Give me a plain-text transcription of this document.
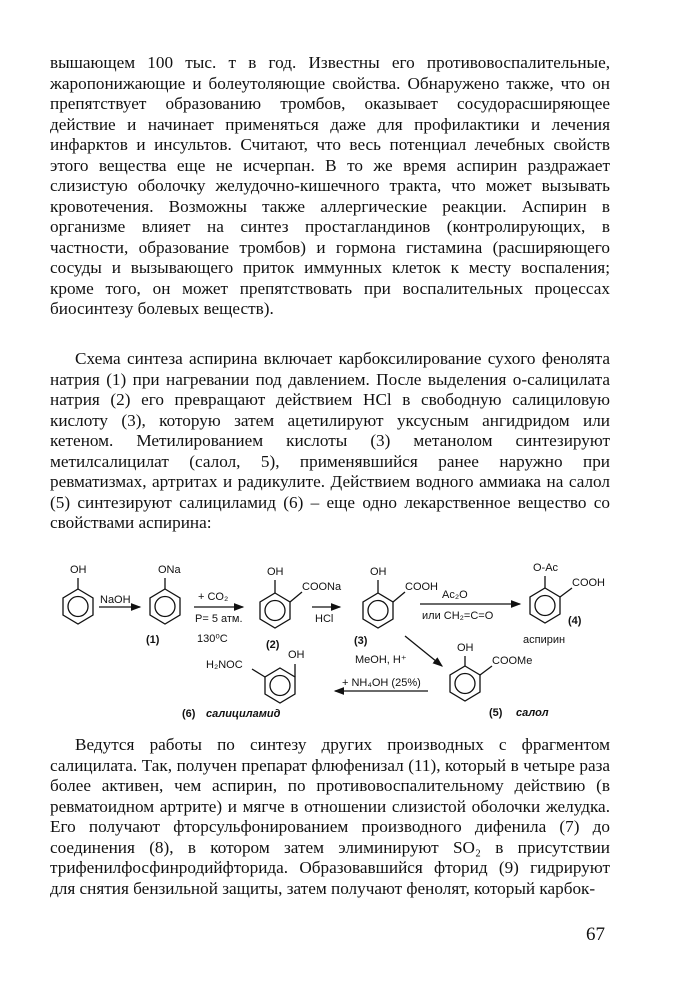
вышающем 100 тыс. т в год. Известны его противовоспалительные, жаропонижающие и болеутоляющие свойства. Обнаружено также, что он препятствует образованию тромбов, оказывает сосудорасширяющее действие и начинает применяться даже для профилактики и лечения инфарктов и инсультов. Считают, что весь потенциал лечебных свойств этого вещества еще не исчерпан. В то же время аспирин раздражает слизистую оболочку желудочно-кишечного тракта, что может вызывать кровотечения. Возможны также аллергические реакции. Аспирин в организме влияет на синтез простагландинов (контролирующих, в частности, образование тромбов) и гормона гистамина (расширяющего сосуды и вызывающего приток иммунных клеток к месту воспаления; кроме того, он может препятствовать при воспалительных процессах биосинтезу болевых веществ).

Схема синтеза аспирина включает карбоксилирование сухого фенолята натрия (1) при нагревании под давлением. После выделения о-салицилата натрия (2) его превращают действием HCl в свободную салициловую кислоту (3), которую затем ацетилируют уксусным ангидридом или кетеном. Метилированием кислоты (3) метанолом синтезируют метилсалицилат (салол, 5), применявшийся ранее наружно при ревматизмах, артритах и радикулите. Действием водного аммиака на салол (5) синтезируют салициламид (6) – еще одно лекарственное вещество со свойствами аспирина:

OH
NaOH
ONa
(1)
+ CO₂
P= 5 атм.
130⁰C
OH
COONa
(2)
HCl
OH
COOH
(3)
Ac₂O
или CH₂=C=O
O-Ac
COOH
(4)
аспирин
MeOH, H⁺
OH
COOMe
(5) салол
+ NH₄OH (25%)
OH
H₂NOC
(6) салициламид

Ведутся работы по синтезу других производных с фрагментом салицилата. Так, получен препарат флюфенизал (11), который в четыре раза более активен, чем аспирин, по противовоспалительному действию (в ревматоидном артрите) и мягче в отношении слизистой оболочки желудка. Его получают фторсульфонированием производного дифенила (7) до соединения (8), в котором затем элиминируют SO₂ в присутствии трифенилфосфинродийфторида. Образовавшийся фторид (9) гидрируют для снятия бензильной защиты, затем получают фенолят, который карбок-

67
